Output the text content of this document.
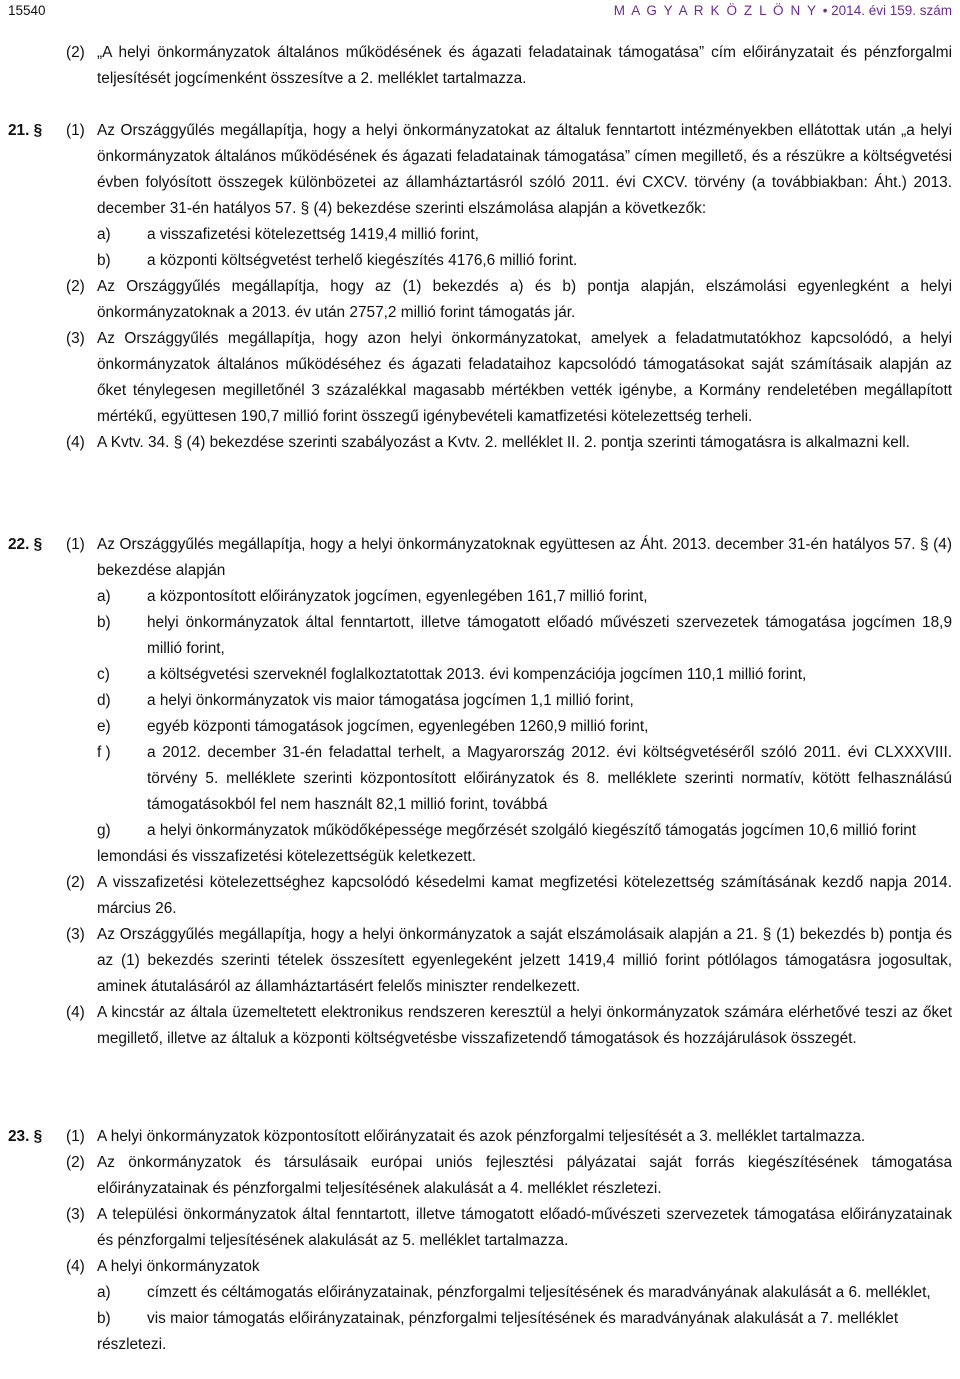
15540	M A G Y A R K Ö Z L Ö N Y • 2014. évi 159. szám
(2) „A helyi önkormányzatok általános működésének és ágazati feladatainak támogatása” cím előirányzatait és pénzforgalmi teljesítését jogcímenként összesítve a 2. melléklet tartalmazza.
21. §	(1) Az Országgyűlés megállapítja, hogy a helyi önkormányzatokat az általuk fenntartott intézményekben ellátottak után „a helyi önkormányzatok általános működésének és ágazati feladatainak támogatása” címen megillető, és a részükre a költségvetési évben folyósított összegek különbözetei az államháztartásról szóló 2011. évi CXCV. törvény (a továbbiakban: Áht.) 2013. december 31-én hatályos 57. § (4) bekezdése szerinti elszámolása alapján a következők:
a)	a visszafizetési kötelezettség 1419,4 millió forint,
b)	a központi költségvetést terhelő kiegészítés 4176,6 millió forint.
(2) Az Országgyűlés megállapítja, hogy az (1) bekezdés a) és b) pontja alapján, elszámolási egyenlegként a helyi önkormányzatoknak a 2013. év után 2757,2 millió forint támogatás jár.
(3) Az Országgyűlés megállapítja, hogy azon helyi önkormányzatokat, amelyek a feladatmutatókhoz kapcsolódó, a helyi önkormányzatok általános működéséhez és ágazati feladataihoz kapcsolódó támogatásokat saját számításaik alapján az őket ténylegesen megilletőnél 3 százalékkal magasabb mértékben vették igénybe, a Kormány rendeletében megállapított mértékű, együttesen 190,7 millió forint összegű igénybevételi kamatfizetési kötelezettség terheli.
(4) A Kvtv. 34. § (4) bekezdése szerinti szabályozást a Kvtv. 2. melléklet II. 2. pontja szerinti támogatásra is alkalmazni kell.
22. §	(1) Az Országgyűlés megállapítja, hogy a helyi önkormányzatoknak együttesen az Áht. 2013. december 31-én hatályos 57. § (4) bekezdése alapján
a)	a központosított előirányzatok jogcímen, egyenlegében 161,7 millió forint,
b)	helyi önkormányzatok által fenntartott, illetve támogatott előadó művészeti szervezetek támogatása jogcímen 18,9 millió forint,
c)	a költségvetési szerveknél foglalkoztatottak 2013. évi kompenzációja jogcímen 110,1 millió forint,
d)	a helyi önkormányzatok vis maior támogatása jogcímen 1,1 millió forint,
e)	egyéb központi támogatások jogcímen, egyenlegében 1260,9 millió forint,
f )	a 2012. december 31-én feladattal terhelt, a Magyarország 2012. évi költségvetéséről szóló 2011. évi CLXXXVIII. törvény 5. melléklete szerinti központosított előirányzatok és 8. melléklete szerinti normatív, kötött felhasználású támogatásokból fel nem használt 82,1 millió forint, továbbá
g)	a helyi önkormányzatok működőképessége megőrzését szolgáló kiegészítő támogatás jogcímen 10,6 millió forint
lemondási és visszafizetési kötelezettségük keletkezett.
(2) A visszafizetési kötelezettséghez kapcsolódó késedelmi kamat megfizetési kötelezettség számításának kezdő napja 2014. március 26.
(3) Az Országgyűlés megállapítja, hogy a helyi önkormányzatok a saját elszámolásaik alapján a 21. § (1) bekezdés b) pontja és az (1) bekezdés szerinti tételek összesített egyenlegeként jelzett 1419,4 millió forint pótlólagos támogatásra jogosultak, aminek átutalásáról az államháztartásért felelős miniszter rendelkezett.
(4) A kincstár az általa üzemeltetett elektronikus rendszeren keresztül a helyi önkormányzatok számára elérhetővé teszi az őket megillető, illetve az általuk a központi költségvetésbe visszafizetendő támogatások és hozzájárulások összegét.
23. §	(1) A helyi önkormányzatok központosított előirányzatait és azok pénzforgalmi teljesítését a 3. melléklet tartalmazza.
(2) Az önkormányzatok és társulásaik európai uniós fejlesztési pályázatai saját forrás kiegészítésének támogatása előirányzatainak és pénzforgalmi teljesítésének alakulását a 4. melléklet részletezi.
(3) A települési önkormányzatok által fenntartott, illetve támogatott előadó-művészeti szervezetek támogatása előirányzatainak és pénzforgalmi teljesítésének alakulását az 5. melléklet tartalmazza.
(4) A helyi önkormányzatok
a)	címzett és céltámogatás előirányzatainak, pénzforgalmi teljesítésének és maradványának alakulását a 6. melléklet,
b)	vis maior támogatás előirányzatainak, pénzforgalmi teljesítésének és maradványának alakulását a 7. melléklet
részletezi.
